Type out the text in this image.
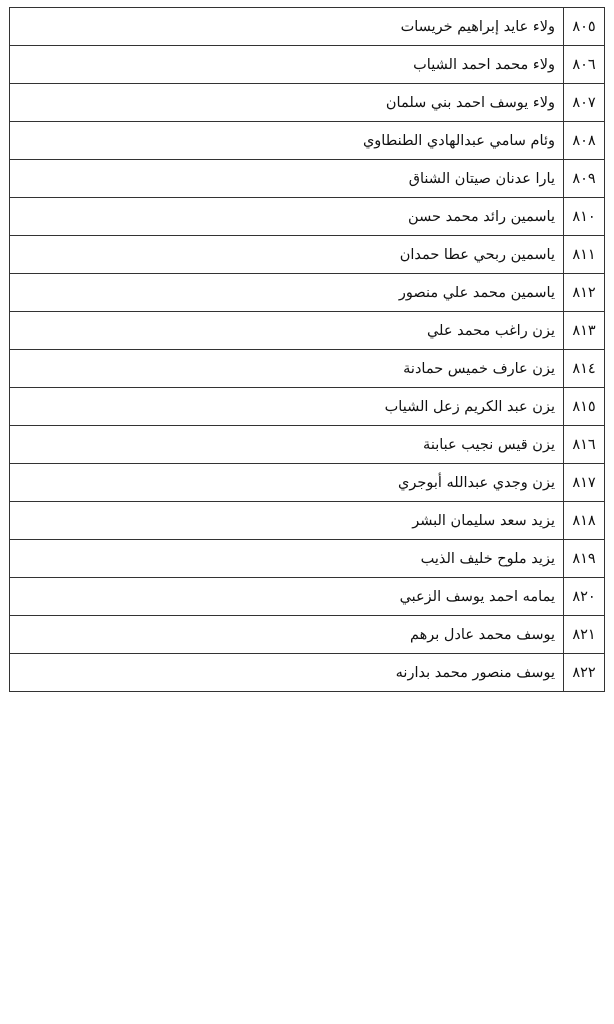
٨٠٥	ولاء عايد إبراهيم خريسات
٨٠٦	ولاء محمد احمد الشياب
٨٠٧	ولاء يوسف احمد بني سلمان
٨٠٨	وئام سامي عبدالهادي الطنطاوي
٨٠٩	يارا عدنان صيتان الشناق
٨١٠	ياسمين رائد محمد حسن
٨١١	ياسمين ربحي عطا حمدان
٨١٢	ياسمين محمد علي منصور
٨١٣	يزن راغب محمد علي
٨١٤	يزن عارف خميس حمادنة
٨١٥	يزن عبد الكريم زعل الشياب
٨١٦	يزن قيس نجيب عبابنة
٨١٧	يزن وجدي عبدالله أبوجري
٨١٨	يزيد سعد سليمان البشر
٨١٩	يزيد ملوح خليف الذيب
٨٢٠	يمامه احمد يوسف الزعبي
٨٢١	يوسف محمد عادل برهم
٨٢٢	يوسف منصور محمد بدارنه
